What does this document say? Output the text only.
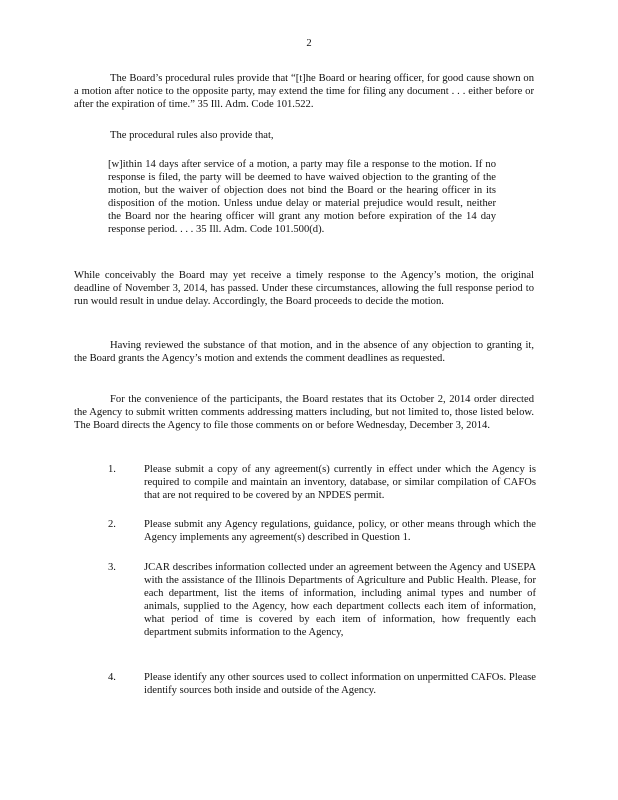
2
The Board’s procedural rules provide that “[t]he Board or hearing officer, for good cause shown on a motion after notice to the opposite party, may extend the time for filing any document . . . either before or after the expiration of time.” 35 Ill. Adm. Code 101.522.
The procedural rules also provide that,
[w]ithin 14 days after service of a motion, a party may file a response to the motion. If no response is filed, the party will be deemed to have waived objection to the granting of the motion, but the waiver of objection does not bind the Board or the hearing officer in its disposition of the motion. Unless undue delay or material prejudice would result, neither the Board nor the hearing officer will grant any motion before expiration of the 14 day response period. . . . 35 Ill. Adm. Code 101.500(d).
While conceivably the Board may yet receive a timely response to the Agency’s motion, the original deadline of November 3, 2014, has passed. Under these circumstances, allowing the full response period to run would result in undue delay. Accordingly, the Board proceeds to decide the motion.
Having reviewed the substance of that motion, and in the absence of any objection to granting it, the Board grants the Agency’s motion and extends the comment deadlines as requested.
For the convenience of the participants, the Board restates that its October 2, 2014 order directed the Agency to submit written comments addressing matters including, but not limited to, those listed below. The Board directs the Agency to file those comments on or before Wednesday, December 3, 2014.
1.	Please submit a copy of any agreement(s) currently in effect under which the Agency is required to compile and maintain an inventory, database, or similar compilation of CAFOs that are not required to be covered by an NPDES permit.
2.	Please submit any Agency regulations, guidance, policy, or other means through which the Agency implements any agreement(s) described in Question 1.
3.	JCAR describes information collected under an agreement between the Agency and USEPA with the assistance of the Illinois Departments of Agriculture and Public Health. Please, for each department, list the items of information, including animal types and number of animals, supplied to the Agency, how each department collects each item of information, what period of time is covered by each item of information, how frequently each department submits information to the Agency,
4.	Please identify any other sources used to collect information on unpermitted CAFOs. Please identify sources both inside and outside of the Agency.
